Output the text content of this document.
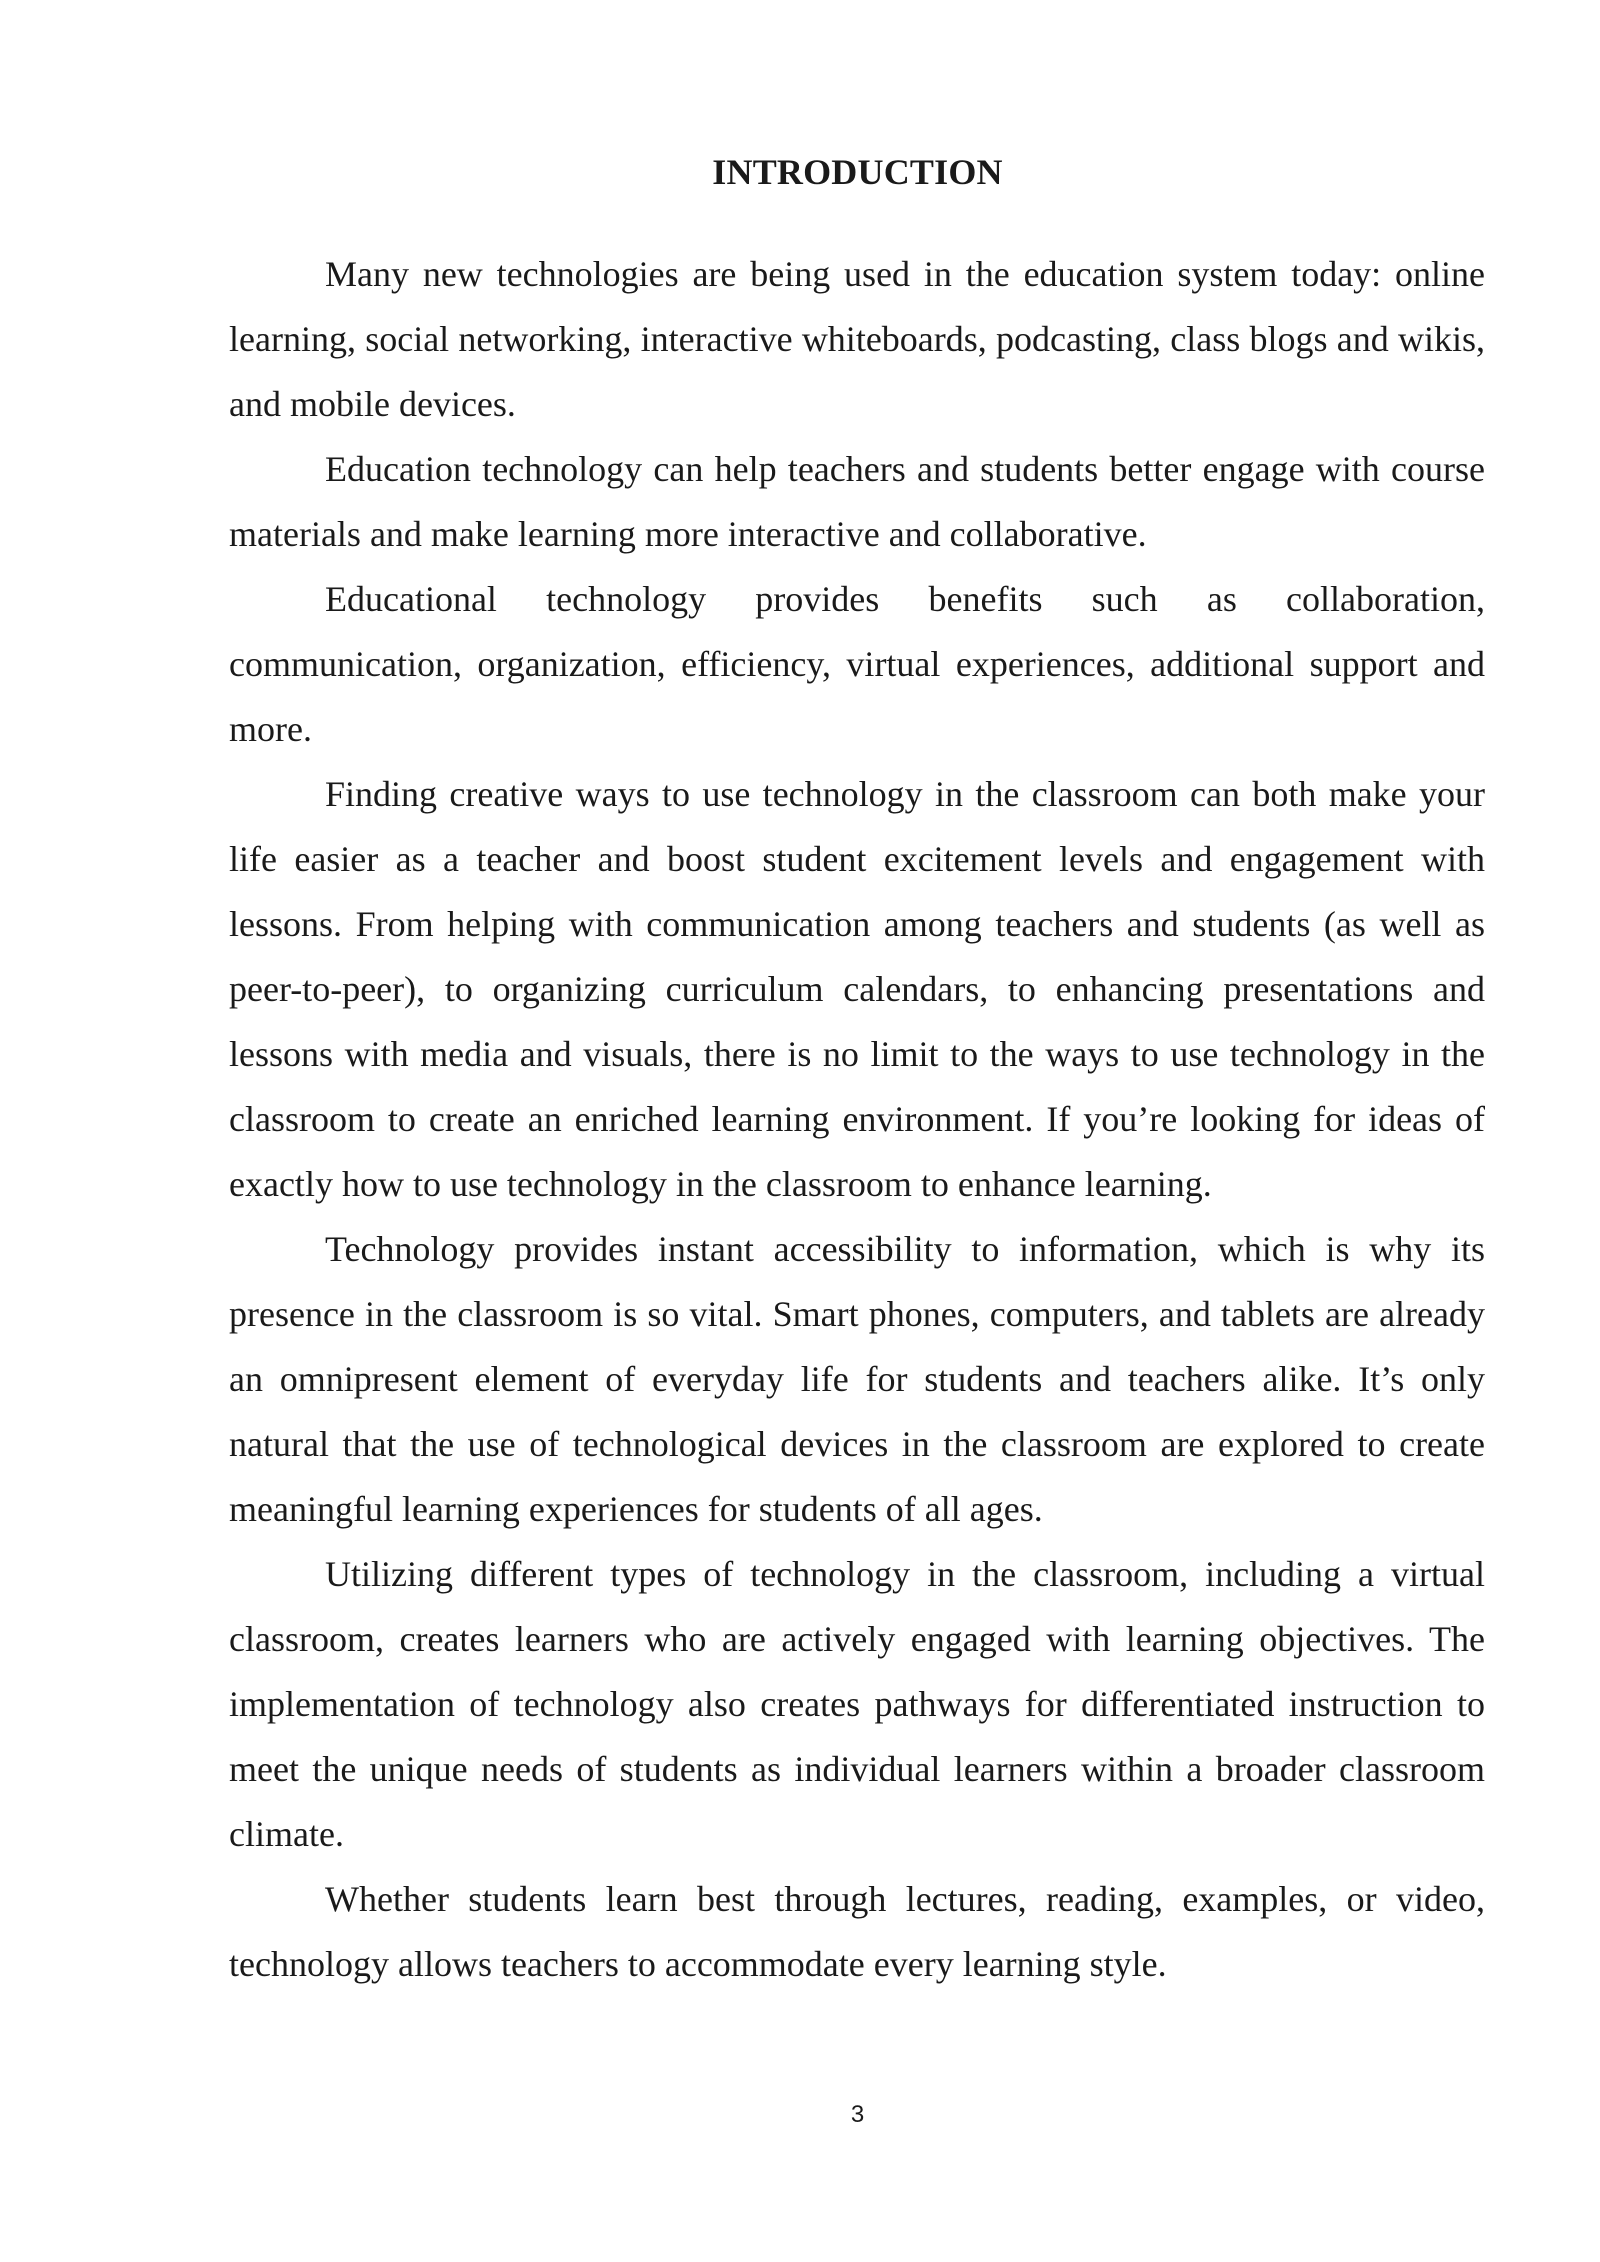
INTRODUCTION

Many new technologies are being used in the education system today: online learning, social networking, interactive whiteboards, podcasting, class blogs and wikis, and mobile devices.

Education technology can help teachers and students better engage with course materials and make learning more interactive and collaborative.

Educational technology provides benefits such as collaboration, communication, organization, efficiency, virtual experiences, additional support and more.

Finding creative ways to use technology in the classroom can both make your life easier as a teacher and boost student excitement levels and engagement with lessons. From helping with communication among teachers and students (as well as peer-to-peer), to organizing curriculum calendars, to enhancing presentations and lessons with media and visuals, there is no limit to the ways to use technology in the classroom to create an enriched learning environment. If you’re looking for ideas of exactly how to use technology in the classroom to enhance learning.

Technology provides instant accessibility to information, which is why its presence in the classroom is so vital. Smart phones, computers, and tablets are already an omnipresent element of everyday life for students and teachers alike. It’s only natural that the use of technological devices in the classroom are explored to create meaningful learning experiences for students of all ages.

Utilizing different types of technology in the classroom, including a virtual classroom, creates learners who are actively engaged with learning objectives. The implementation of technology also creates pathways for differentiated instruction to meet the unique needs of students as individual learners within a broader classroom climate.

Whether students learn best through lectures, reading, examples, or video, technology allows teachers to accommodate every learning style.

3
